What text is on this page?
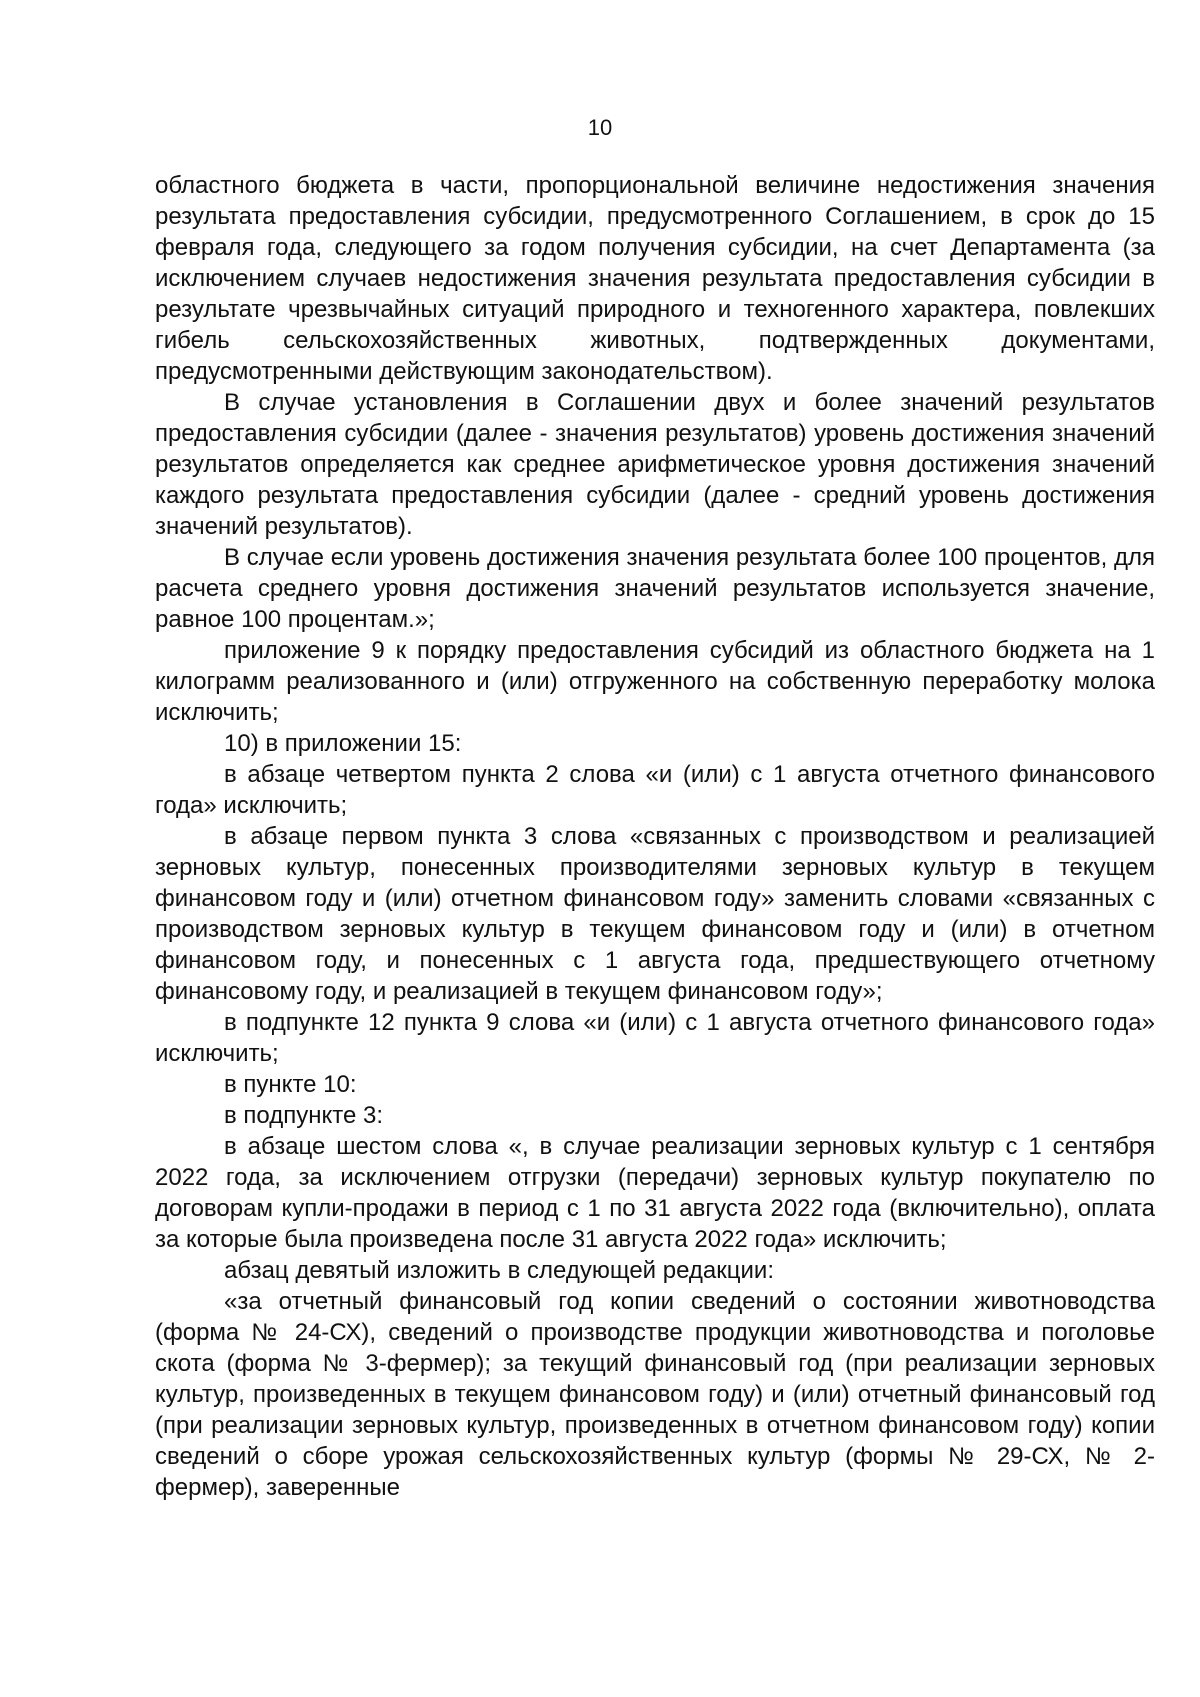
10

областного бюджета в части, пропорциональной величине недостижения значения результата предоставления субсидии, предусмотренного Соглашением, в срок до 15 февраля года, следующего за годом получения субсидии, на счет Департамента (за исключением случаев недостижения значения результата предоставления субсидии в результате чрезвычайных ситуаций природного и техногенного характера, повлекших гибель сельскохозяйственных животных, подтвержденных документами, предусмотренными действующим законодательством).

В случае установления в Соглашении двух и более значений результатов предоставления субсидии (далее - значения результатов) уровень достижения значений результатов определяется как среднее арифметическое уровня достижения значений каждого результата предоставления субсидии (далее - средний уровень достижения значений результатов).

В случае если уровень достижения значения результата более 100 процентов, для расчета среднего уровня достижения значений результатов используется значение, равное 100 процентам.»;

приложение 9 к порядку предоставления субсидий из областного бюджета на 1 килограмм реализованного и (или) отгруженного на собственную переработку молока исключить;

10) в приложении 15:

в абзаце четвертом пункта 2 слова «и (или) с 1 августа отчетного финансового года» исключить;

в абзаце первом пункта 3 слова «связанных с производством и реализацией зерновых культур, понесенных производителями зерновых культур в текущем финансовом году и (или) отчетном финансовом году» заменить словами «связанных с производством зерновых культур в текущем финансовом году и (или) в отчетном финансовом году, и понесенных с 1 августа года, предшествующего отчетному финансовому году, и реализацией в текущем финансовом году»;

в подпункте 12 пункта 9 слова «и (или) с 1 августа отчетного финансового года» исключить;

в пункте 10:

в подпункте 3:

в абзаце шестом слова «, в случае реализации зерновых культур с 1 сентября 2022 года, за исключением отгрузки (передачи) зерновых культур покупателю по договорам купли-продажи в период с 1 по 31 августа 2022 года (включительно), оплата за которые была произведена после 31 августа 2022 года» исключить;

абзац девятый изложить в следующей редакции:

«за отчетный финансовый год копии сведений о состоянии животноводства (форма № 24-СХ), сведений о производстве продукции животноводства и поголовье скота (форма № 3-фермер); за текущий финансовый год (при реализации зерновых культур, произведенных в текущем финансовом году) и (или) отчетный финансовый год (при реализации зерновых культур, произведенных в отчетном финансовом году) копии сведений о сборе урожая сельскохозяйственных культур (формы № 29-СХ, № 2-фермер), заверенные
